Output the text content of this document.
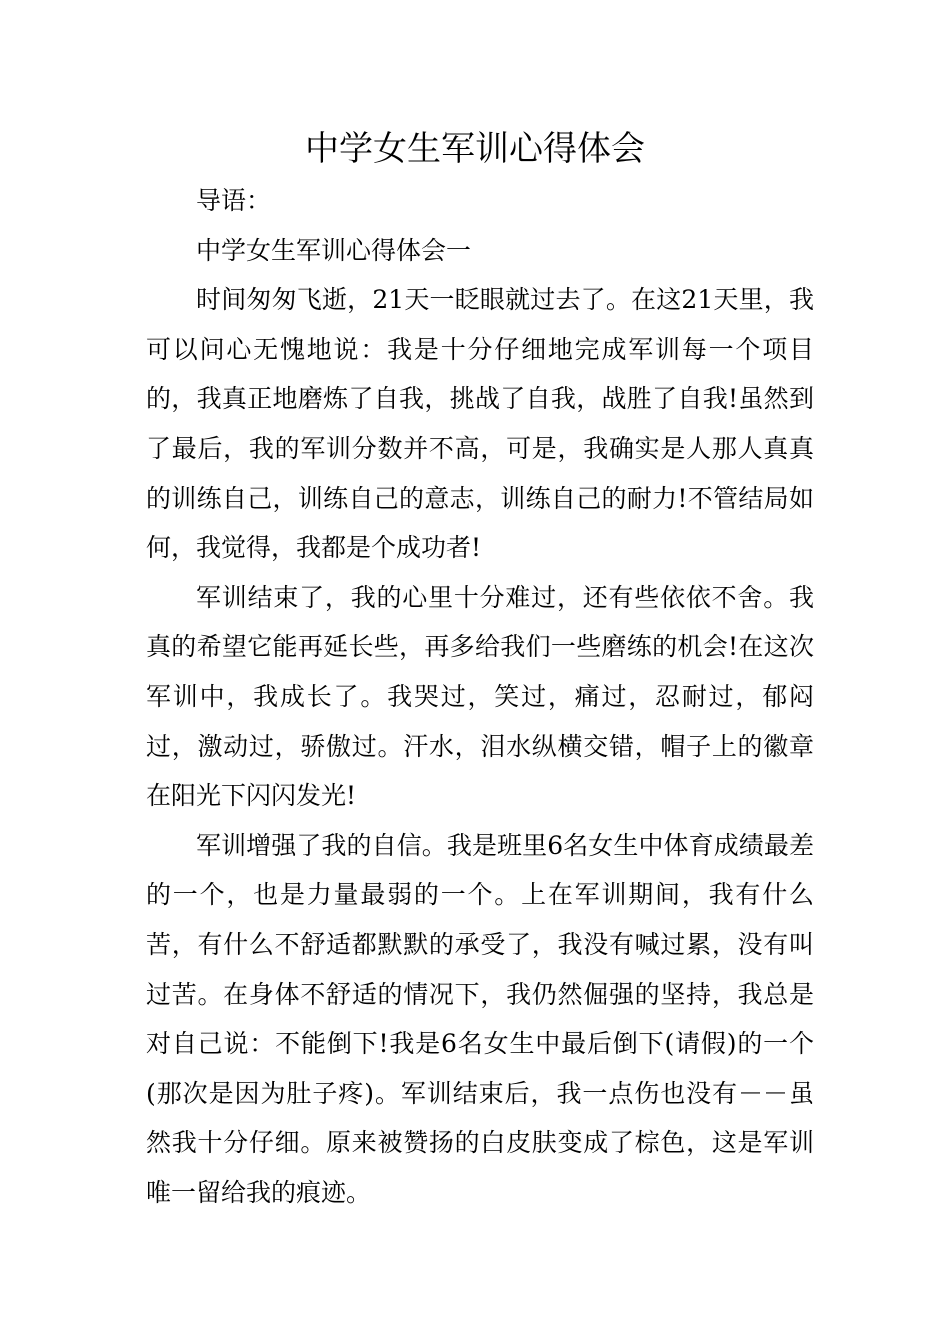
中学女生军训心得体会

导语：

中学女生军训心得体会一

时间匆匆飞逝，21天一眨眼就过去了。在这21天里，我可以问心无愧地说：我是十分仔细地完成军训每一个项目的，我真正地磨炼了自我，挑战了自我，战胜了自我!虽然到了最后，我的军训分数并不高，可是，我确实是人那人真真的训练自己，训练自己的意志，训练自己的耐力!不管结局如何，我觉得，我都是个成功者!

军训结束了，我的心里十分难过，还有些依依不舍。我真的希望它能再延长些，再多给我们一些磨练的机会!在这次军训中，我成长了。我哭过，笑过，痛过，忍耐过，郁闷过，激动过，骄傲过。汗水，泪水纵横交错，帽子上的徽章在阳光下闪闪发光!

军训增强了我的自信。我是班里6名女生中体育成绩最差的一个，也是力量最弱的一个。上在军训期间，我有什么苦，有什么不舒适都默默的承受了，我没有喊过累，没有叫过苦。在身体不舒适的情况下，我仍然倔强的坚持，我总是对自己说：不能倒下!我是6名女生中最后倒下(请假)的一个(那次是因为肚子疼)。军训结束后，我一点伤也没有－－虽然我十分仔细。原来被赞扬的白皮肤变成了棕色，这是军训唯一留给我的痕迹。
